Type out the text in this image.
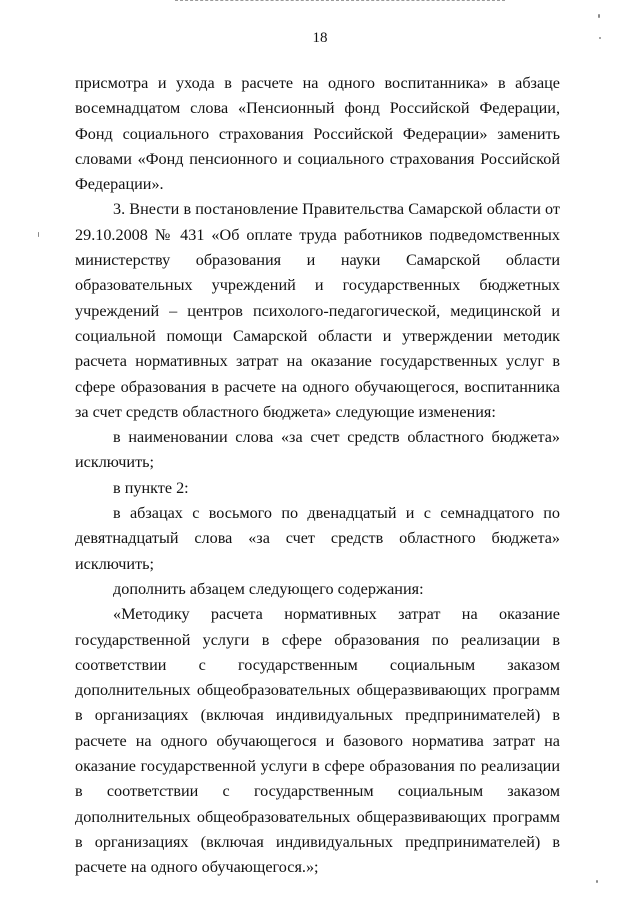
18

присмотра и ухода в расчете на одного воспитанника» в абзаце восемнадцатом слова «Пенсионный фонд Российской Федерации, Фонд социального страхования Российской Федерации» заменить словами «Фонд пенсионного и социального страхования Российской Федерации».

3. Внести в постановление Правительства Самарской области от 29.10.2008 № 431 «Об оплате труда работников подведомственных министерству образования и науки Самарской области образовательных учреждений и государственных бюджетных учреждений – центров психолого-педагогической, медицинской и социальной помощи Самарской области и утверждении методик расчета нормативных затрат на оказание государственных услуг в сфере образования в расчете на одного обучающегося, воспитанника за счет средств областного бюджета» следующие изменения:

в наименовании слова «за счет средств областного бюджета» исключить;

в пункте 2:

в абзацах с восьмого по двенадцатый и с семнадцатого по девятнадцатый слова «за счет средств областного бюджета» исключить;

дополнить абзацем следующего содержания:

«Методику расчета нормативных затрат на оказание государственной услуги в сфере образования по реализации в соответствии с государственным социальным заказом дополнительных общеобразовательных общеразвивающих программ в организациях (включая индивидуальных предпринимателей) в расчете на одного обучающегося и базового норматива затрат на оказание государственной услуги в сфере образования по реализации в соответствии с государственным социальным заказом дополнительных общеобразовательных общеразвивающих программ в организациях (включая индивидуальных предпринимателей) в расчете на одного обучающегося.»;
